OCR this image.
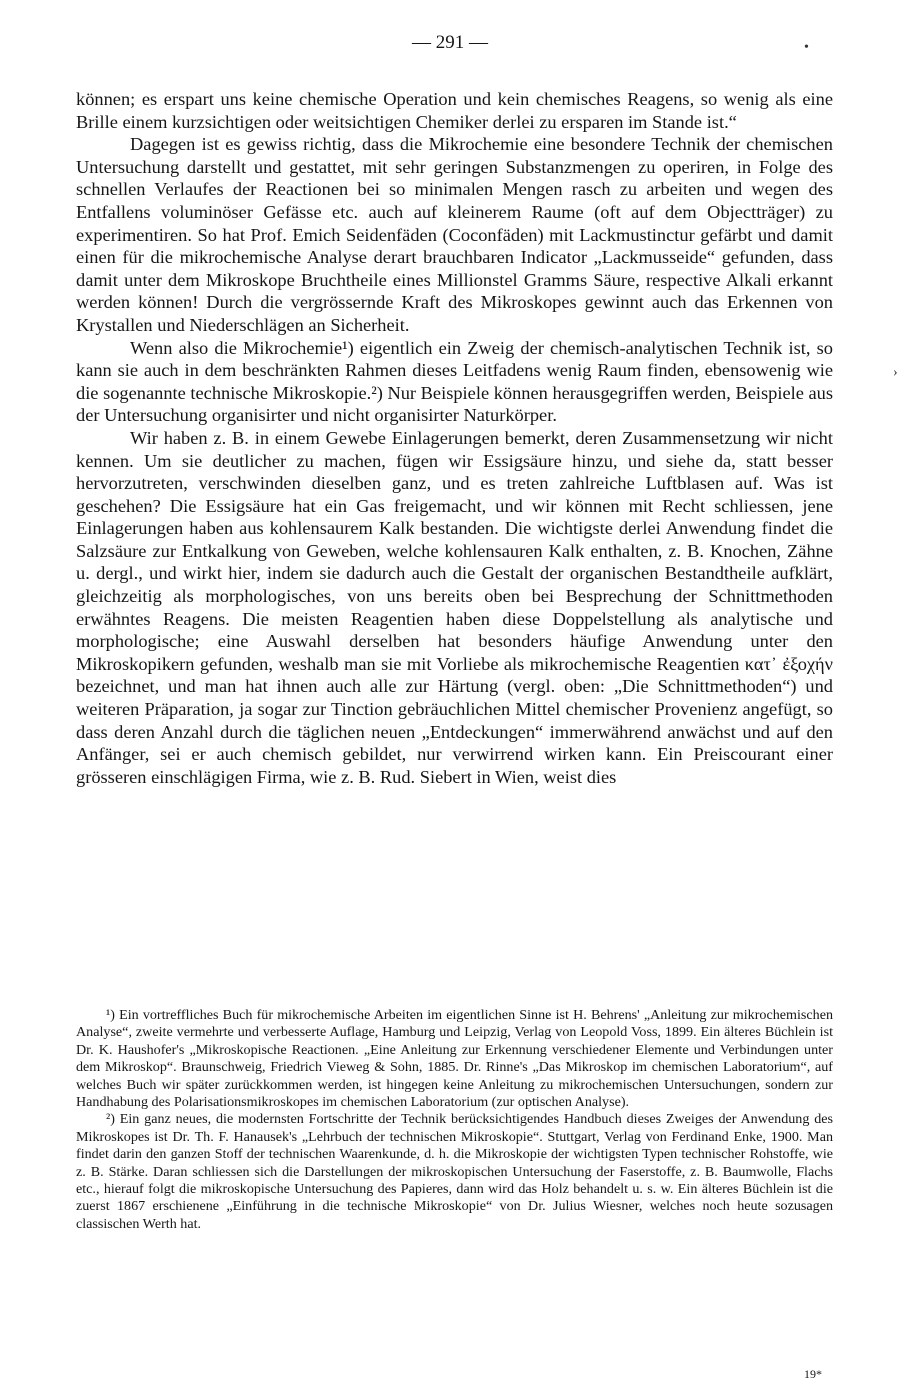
— 291 —	•
›

können; es erspart uns keine chemische Operation und kein chemisches Reagens, so wenig als eine Brille einem kurzsichtigen oder weitsichtigen Chemiker derlei zu ersparen im Stande ist.“

Dagegen ist es gewiss richtig, dass die Mikrochemie eine besondere Technik der chemischen Untersuchung darstellt und gestattet, mit sehr geringen Substanzmengen zu operiren, in Folge des schnellen Verlaufes der Reactionen bei so minimalen Mengen rasch zu arbeiten und wegen des Entfallens voluminöser Gefässe etc. auch auf kleinerem Raume (oft auf dem Objectträger) zu experimentiren. So hat Prof. Emich Seidenfäden (Coconfäden) mit Lackmustinctur gefärbt und damit einen für die mikrochemische Analyse derart brauchbaren Indicator „Lackmusseide“ gefunden, dass damit unter dem Mikroskope Bruchtheile eines Millionstel Gramms Säure, respective Alkali erkannt werden können! Durch die vergrössernde Kraft des Mikroskopes gewinnt auch das Erkennen von Krystallen und Niederschlägen an Sicherheit.

Wenn also die Mikrochemie¹) eigentlich ein Zweig der chemisch-analytischen Technik ist, so kann sie auch in dem beschränkten Rahmen dieses Leitfadens wenig Raum finden, ebensowenig wie die sogenannte technische Mikroskopie.²) Nur Beispiele können herausgegriffen werden, Beispiele aus der Untersuchung organisirter und nicht organisirter Naturkörper.

Wir haben z. B. in einem Gewebe Einlagerungen bemerkt, deren Zusammensetzung wir nicht kennen. Um sie deutlicher zu machen, fügen wir Essigsäure hinzu, und siehe da, statt besser hervorzutreten, verschwinden dieselben ganz, und es treten zahlreiche Luftblasen auf. Was ist geschehen? Die Essigsäure hat ein Gas freigemacht, und wir können mit Recht schliessen, jene Einlagerungen haben aus kohlensaurem Kalk bestanden. Die wichtigste derlei Anwendung findet die Salzsäure zur Entkalkung von Geweben, welche kohlensauren Kalk enthalten, z. B. Knochen, Zähne u. dergl., und wirkt hier, indem sie dadurch auch die Gestalt der organischen Bestandtheile aufklärt, gleichzeitig als morphologisches, von uns bereits oben bei Besprechung der Schnittmethoden erwähntes Reagens. Die meisten Reagentien haben diese Doppelstellung als analytische und morphologische; eine Auswahl derselben hat besonders häufige Anwendung unter den Mikroskopikern gefunden, weshalb man sie mit Vorliebe als mikrochemische Reagentien κατ᾽ ἐξοχήν bezeichnet, und man hat ihnen auch alle zur Härtung (vergl. oben: „Die Schnittmethoden“) und weiteren Präparation, ja sogar zur Tinction gebräuchlichen Mittel chemischer Provenienz angefügt, so dass deren Anzahl durch die täglichen neuen „Entdeckungen“ immerwährend anwächst und auf den Anfänger, sei er auch chemisch gebildet, nur verwirrend wirken kann. Ein Preiscourant einer grösseren einschlägigen Firma, wie z. B. Rud. Siebert in Wien, weist dies

¹) Ein vortreffliches Buch für mikrochemische Arbeiten im eigentlichen Sinne ist H. Behrens' „Anleitung zur mikrochemischen Analyse“, zweite vermehrte und verbesserte Auflage, Hamburg und Leipzig, Verlag von Leopold Voss, 1899. Ein älteres Büchlein ist Dr. K. Haushofer's „Mikroskopische Reactionen. „Eine Anleitung zur Erkennung verschiedener Elemente und Verbindungen unter dem Mikroskop“. Braunschweig, Friedrich Vieweg & Sohn, 1885. Dr. Rinne's „Das Mikroskop im chemischen Laboratorium“, auf welches Buch wir später zurückkommen werden, ist hingegen keine Anleitung zu mikrochemischen Untersuchungen, sondern zur Handhabung des Polarisationsmikroskopes im chemischen Laboratorium (zur optischen Analyse).

²) Ein ganz neues, die modernsten Fortschritte der Technik berücksichtigendes Handbuch dieses Zweiges der Anwendung des Mikroskopes ist Dr. Th. F. Hanausek's „Lehrbuch der technischen Mikroskopie“. Stuttgart, Verlag von Ferdinand Enke, 1900. Man findet darin den ganzen Stoff der technischen Waarenkunde, d. h. die Mikroskopie der wichtigsten Typen technischer Rohstoffe, wie z. B. Stärke. Daran schliessen sich die Darstellungen der mikroskopischen Untersuchung der Faserstoffe, z. B. Baumwolle, Flachs etc., hierauf folgt die mikroskopische Untersuchung des Papieres, dann wird das Holz behandelt u. s. w. Ein älteres Büchlein ist die zuerst 1867 erschienene „Einführung in die technische Mikroskopie“ von Dr. Julius Wiesner, welches noch heute sozusagen classischen Werth hat.

19*
